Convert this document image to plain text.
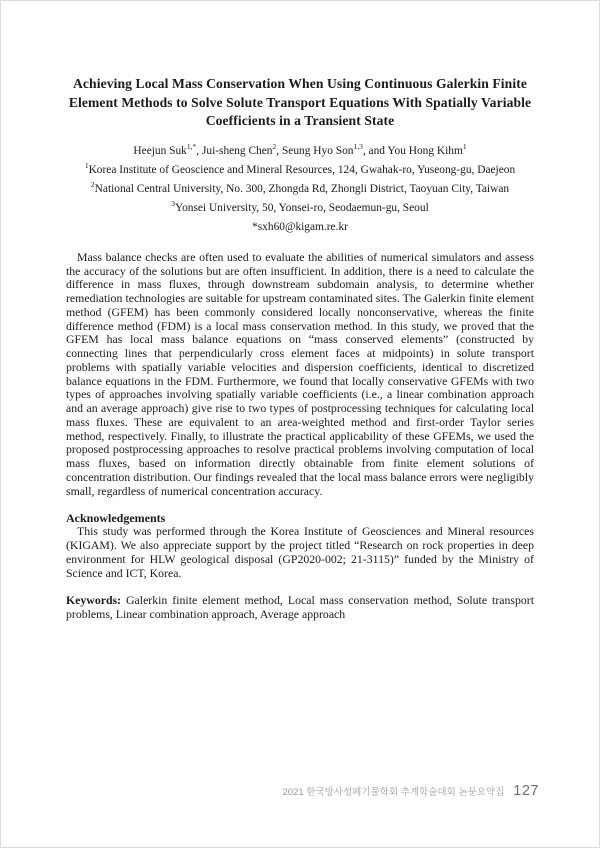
Achieving Local Mass Conservation When Using Continuous Galerkin Finite Element Methods to Solve Solute Transport Equations With Spatially Variable Coefficients in a Transient State
Heejun Suk$^{1,*}$, Jui-sheng Chen$^2$, Seung Hyo Son$^{1,3}$, and You Hong Kihm$^1$
$^1$Korea Institute of Geoscience and Mineral Resources, 124, Gwahak-ro, Yuseong-gu, Daejeon
$^2$National Central University, No. 300, Zhongda Rd, Zhongli District, Taoyuan City, Taiwan
$^3$Yonsei University, 50, Yonsei-ro, Seodaemun-gu, Seoul
*sxh60@kigam.re.kr

Mass balance checks are often used to evaluate the abilities of numerical simulators and assess the accuracy of the solutions but are often insufficient. In addition, there is a need to calculate the difference in mass fluxes, through downstream subdomain analysis, to determine whether remediation technologies are suitable for upstream contaminated sites. The Galerkin finite element method (GFEM) has been commonly considered locally nonconservative, whereas the finite difference method (FDM) is a local mass conservation method. In this study, we proved that the GFEM has local mass balance equations on “mass conserved elements” (constructed by connecting lines that perpendicularly cross element faces at midpoints) in solute transport problems with spatially variable velocities and dispersion coefficients, identical to discretized balance equations in the FDM. Furthermore, we found that locally conservative GFEMs with two types of approaches involving spatially variable coefficients (i.e., a linear combination approach and an average approach) give rise to two types of postprocessing techniques for calculating local mass fluxes. These are equivalent to an area-weighted method and first-order Taylor series method, respectively. Finally, to illustrate the practical applicability of these GFEMs, we used the proposed postprocessing approaches to resolve practical problems involving computation of local mass fluxes, based on information directly obtainable from finite element solutions of concentration distribution. Our findings revealed that the local mass balance errors were negligibly small, regardless of numerical concentration accuracy.

Acknowledgements

This study was performed through the Korea Institute of Geosciences and Mineral resources (KIGAM). We also appreciate support by the project titled “Research on rock properties in deep environment for HLW geological disposal (GP2020-002; 21-3115)” funded by the Ministry of Science and ICT, Korea.

Keywords: Galerkin finite element method, Local mass conservation method, Solute transport problems, Linear combination approach, Average approach

2021 한국방사성폐기물학회 추계학술대회 논문요약집 127
